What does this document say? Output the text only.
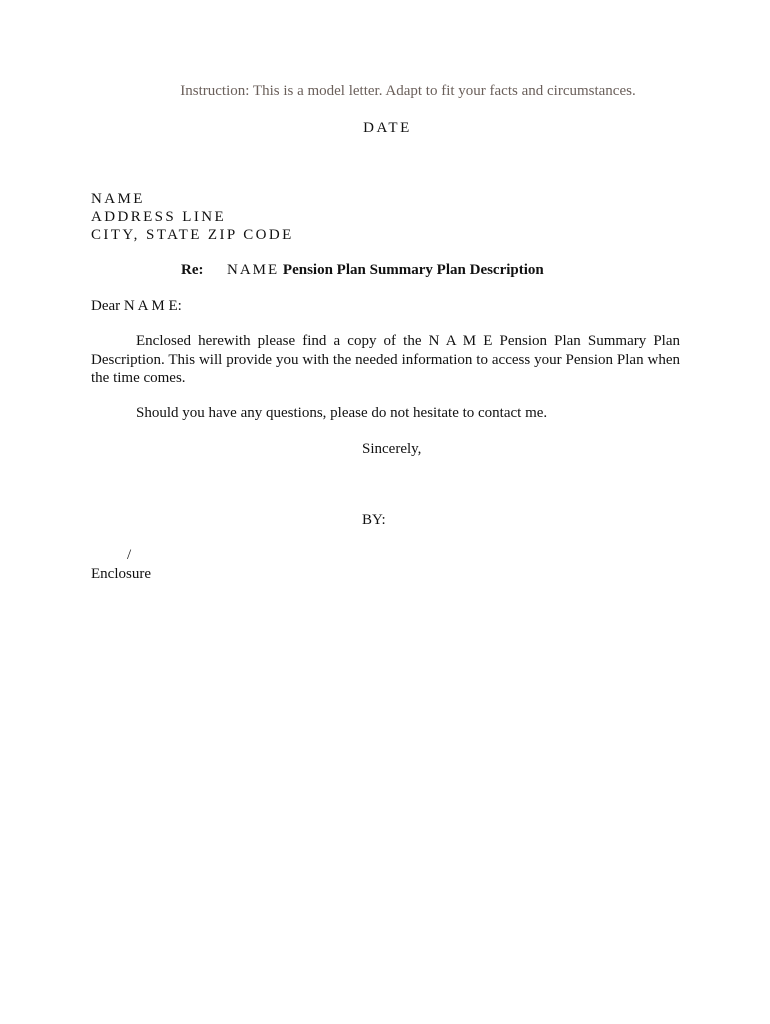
Instruction: This is a model letter. Adapt to fit your facts and circumstances.

DATE

NAME

ADDRESS LINE

CITY, STATE ZIP CODE

Re: NAME Pension Plan Summary Plan Description

Dear N A M E:

Enclosed herewith please find a copy of the N A M E Pension Plan Summary Plan Description. This will provide you with the needed information to access your Pension Plan when the time comes.

Should you have any questions, please do not hesitate to contact me.

Sincerely,

BY:

/

Enclosure
